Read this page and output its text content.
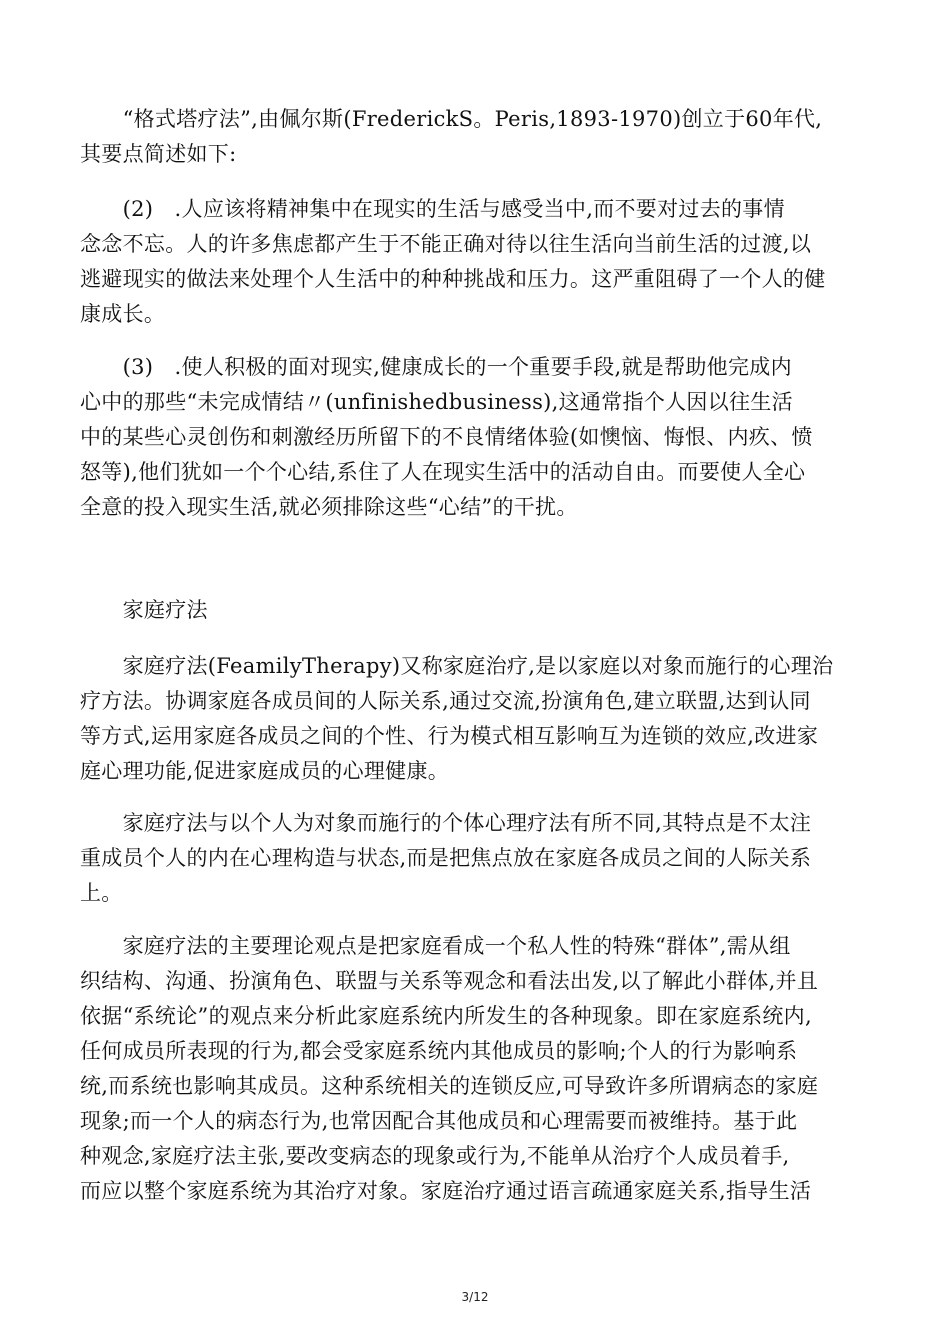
　　“格式塔疗法”,由佩尔斯(FrederickS。Peris,1893-1970)创立于60年代,
其要点简述如下:
　　(2)　.人应该将精神集中在现实的生活与感受当中,而不要对过去的事情
念念不忘。人的许多焦虑都产生于不能正确对待以往生活向当前生活的过渡,以
逃避现实的做法来处理个人生活中的种种挑战和压力。这严重阻碍了一个人的健
康成长。
　　(3)　.使人积极的面对现实,健康成长的一个重要手段,就是帮助他完成内
心中的那些“未完成情结〃(unfinishedbusiness),这通常指个人因以往生活
中的某些心灵创伤和刺激经历所留下的不良情绪体验(如懊恼、悔恨、内疚、愤
怒等),他们犹如一个个心结,系住了人在现实生活中的活动自由。而要使人全心
全意的投入现实生活,就必须排除这些“心结”的干扰。
　　家庭疗法
　　家庭疗法(FeamilyTherapy)又称家庭治疗,是以家庭以对象而施行的心理治
疗方法。协调家庭各成员间的人际关系,通过交流,扮演角色,建立联盟,达到认同
等方式,运用家庭各成员之间的个性、行为模式相互影响互为连锁的效应,改进家
庭心理功能,促进家庭成员的心理健康。
　　家庭疗法与以个人为对象而施行的个体心理疗法有所不同,其特点是不太注
重成员个人的内在心理构造与状态,而是把焦点放在家庭各成员之间的人际关系
上。
　　家庭疗法的主要理论观点是把家庭看成一个私人性的特殊“群体”,需从组
织结构、沟通、扮演角色、联盟与关系等观念和看法出发,以了解此小群体,并且
依据“系统论”的观点来分析此家庭系统内所发生的各种现象。即在家庭系统内,
任何成员所表现的行为,都会受家庭系统内其他成员的影响;个人的行为影响系
统,而系统也影响其成员。这种系统相关的连锁反应,可导致许多所谓病态的家庭
现象;而一个人的病态行为,也常因配合其他成员和心理需要而被维持。基于此
种观念,家庭疗法主张,要改变病态的现象或行为,不能单从治疗个人成员着手,
而应以整个家庭系统为其治疗对象。家庭治疗通过语言疏通家庭关系,指导生活
3/12
